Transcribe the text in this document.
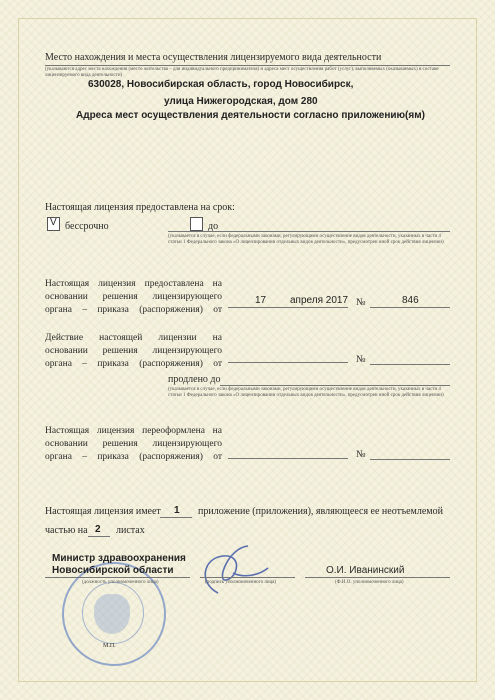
Место нахождения и места осуществления лицензируемого вида деятельности
(указываются адрес места нахождения (место жительства – для индивидуального предпринимателя) и адреса мест осуществления работ (услуг), выполняемых (оказываемых) в составе лицензируемого вида деятельности)
630028, Новосибирская область, город Новосибирск,
улица Нижегородская, дом 280
Адреса мест осуществления деятельности согласно приложению(ям)
Настоящая лицензия предоставлена на срок:
V бессрочно	до
(указывается в случае, если федеральными законами, регулирующими осуществление видов деятельности, указанных в части 4 статьи 1 Федерального закона «О лицензировании отдельных видов деятельности», предусмотрен иной срок действия лицензии)
Настоящая лицензия предоставлена на основании решения лицензирующего органа – приказа (распоряжения) от
17 апреля 2017 №	846
Действие настоящей лицензии на основании решения лицензирующего органа – приказа (распоряжения) от	№
продлено до
(указывается в случае, если федеральными законами, регулирующими осуществление видов деятельности, указанных в части 4 статьи 1 Федерального закона «О лицензировании отдельных видов деятельности», предусмотрен иной срок действия лицензии)
Настоящая лицензия переоформлена на основании решения лицензирующего органа – приказа (распоряжения) от	№
Настоящая лицензия имеет 1 приложение (приложения), являющееся ее неотъемлемой
частью на 2 листах
Министр здравоохранения
Новосибирской области
(должность уполномоченного лица)	(подпись уполномоченного лица)
О.И. Иванинский
(Ф.И.О. уполномоченного лица)
М.П.
